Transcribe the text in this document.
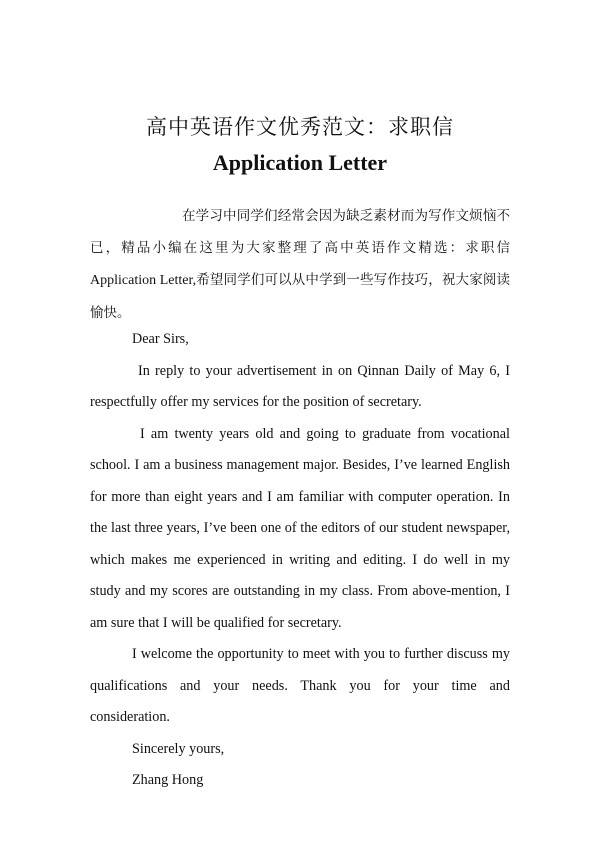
高中英语作文优秀范文：求职信
Application Letter
在学习中同学们经常会因为缺乏素材而为写作文烦恼不已，精品小编在这里为大家整理了高中英语作文精选：求职信Application Letter,希望同学们可以从中学到一些写作技巧，祝大家阅读愉快。
Dear Sirs,

In reply to your advertisement in on Qinnan Daily of May 6, I respectfully offer my services for the position of secretary.

I am twenty years old and going to graduate from vocational school. I am a business management major. Besides, I’ve learned English for more than eight years and I am familiar with computer operation. In the last three years, I’ve been one of the editors of our student newspaper, which makes me experienced in writing and editing. I do well in my study and my scores are outstanding in my class. From above-mention, I am sure that I will be qualified for secretary.

I welcome the opportunity to meet with you to further discuss my qualifications and your needs. Thank you for your time and consideration.

Sincerely yours,
Zhang Hong
